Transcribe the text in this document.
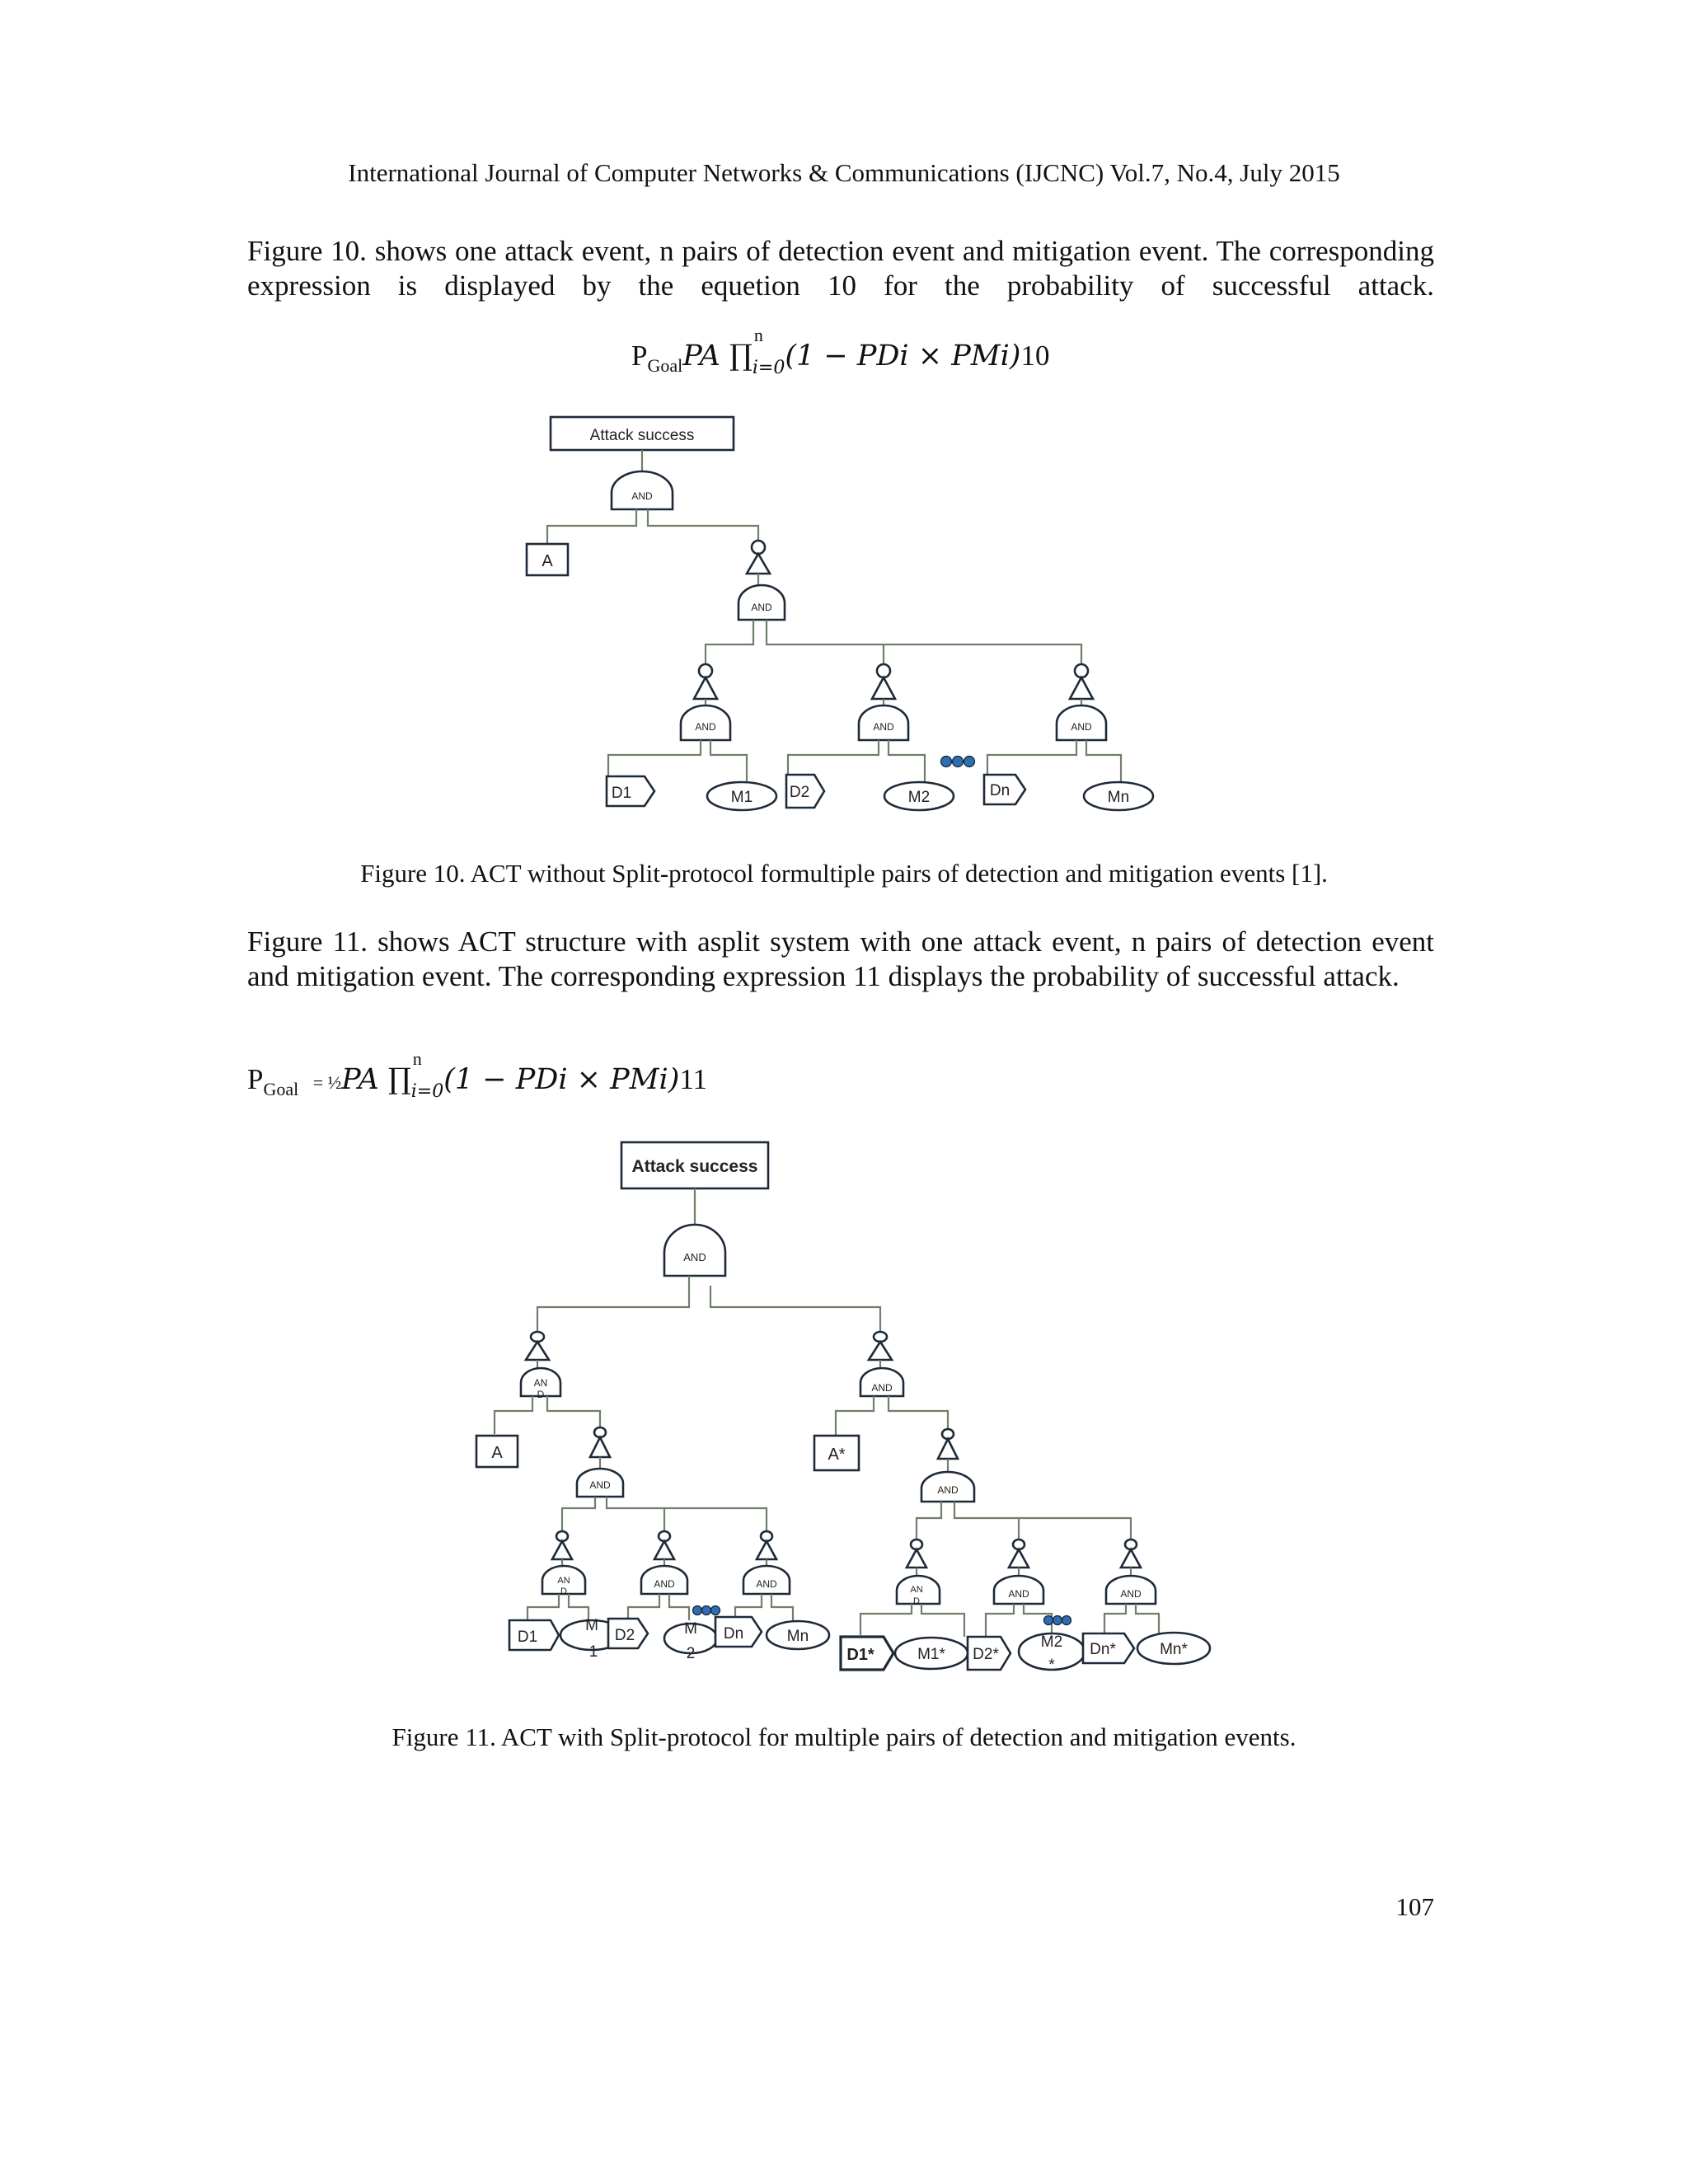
International Journal of Computer Networks & Communications (IJCNC) Vol.7, No.4, July 2015
Figure 10. shows one attack event, n pairs of detection event and mitigation event. The corresponding expression is displayed by the equetion 10 for the probability of successful attack.
$P_{Goal}PA$ ∏
n
$_{i=0}$(1 − PDi × PMi)10
Attack success
AND
A
AND
AND
D1	M1
AND
D2	M2
AND
Dn	Mn
Figure 10. ACT without Split-protocol formultiple pairs of detection and mitigation events [1].
Figure 11. shows ACT structure with asplit system with one attack event, n pairs of detection event and mitigation event. The corresponding expression 11 displays the probability of successful attack.
$P_{Goal}$ = ½PA ∏
n
$_{i=0}$(1 − PDi × PMi)11
Attack success
AND
AN
D
A
AND
AN
D
D1
M
1
AND
D2	M
2
AND
Dn	Mn
AND
A*
AND
AN
D
D1*	M1*
AND
D2*
M2
*
AND
Dn*	Mn*
Figure 11. ACT with Split-protocol for multiple pairs of detection and mitigation events.
107
